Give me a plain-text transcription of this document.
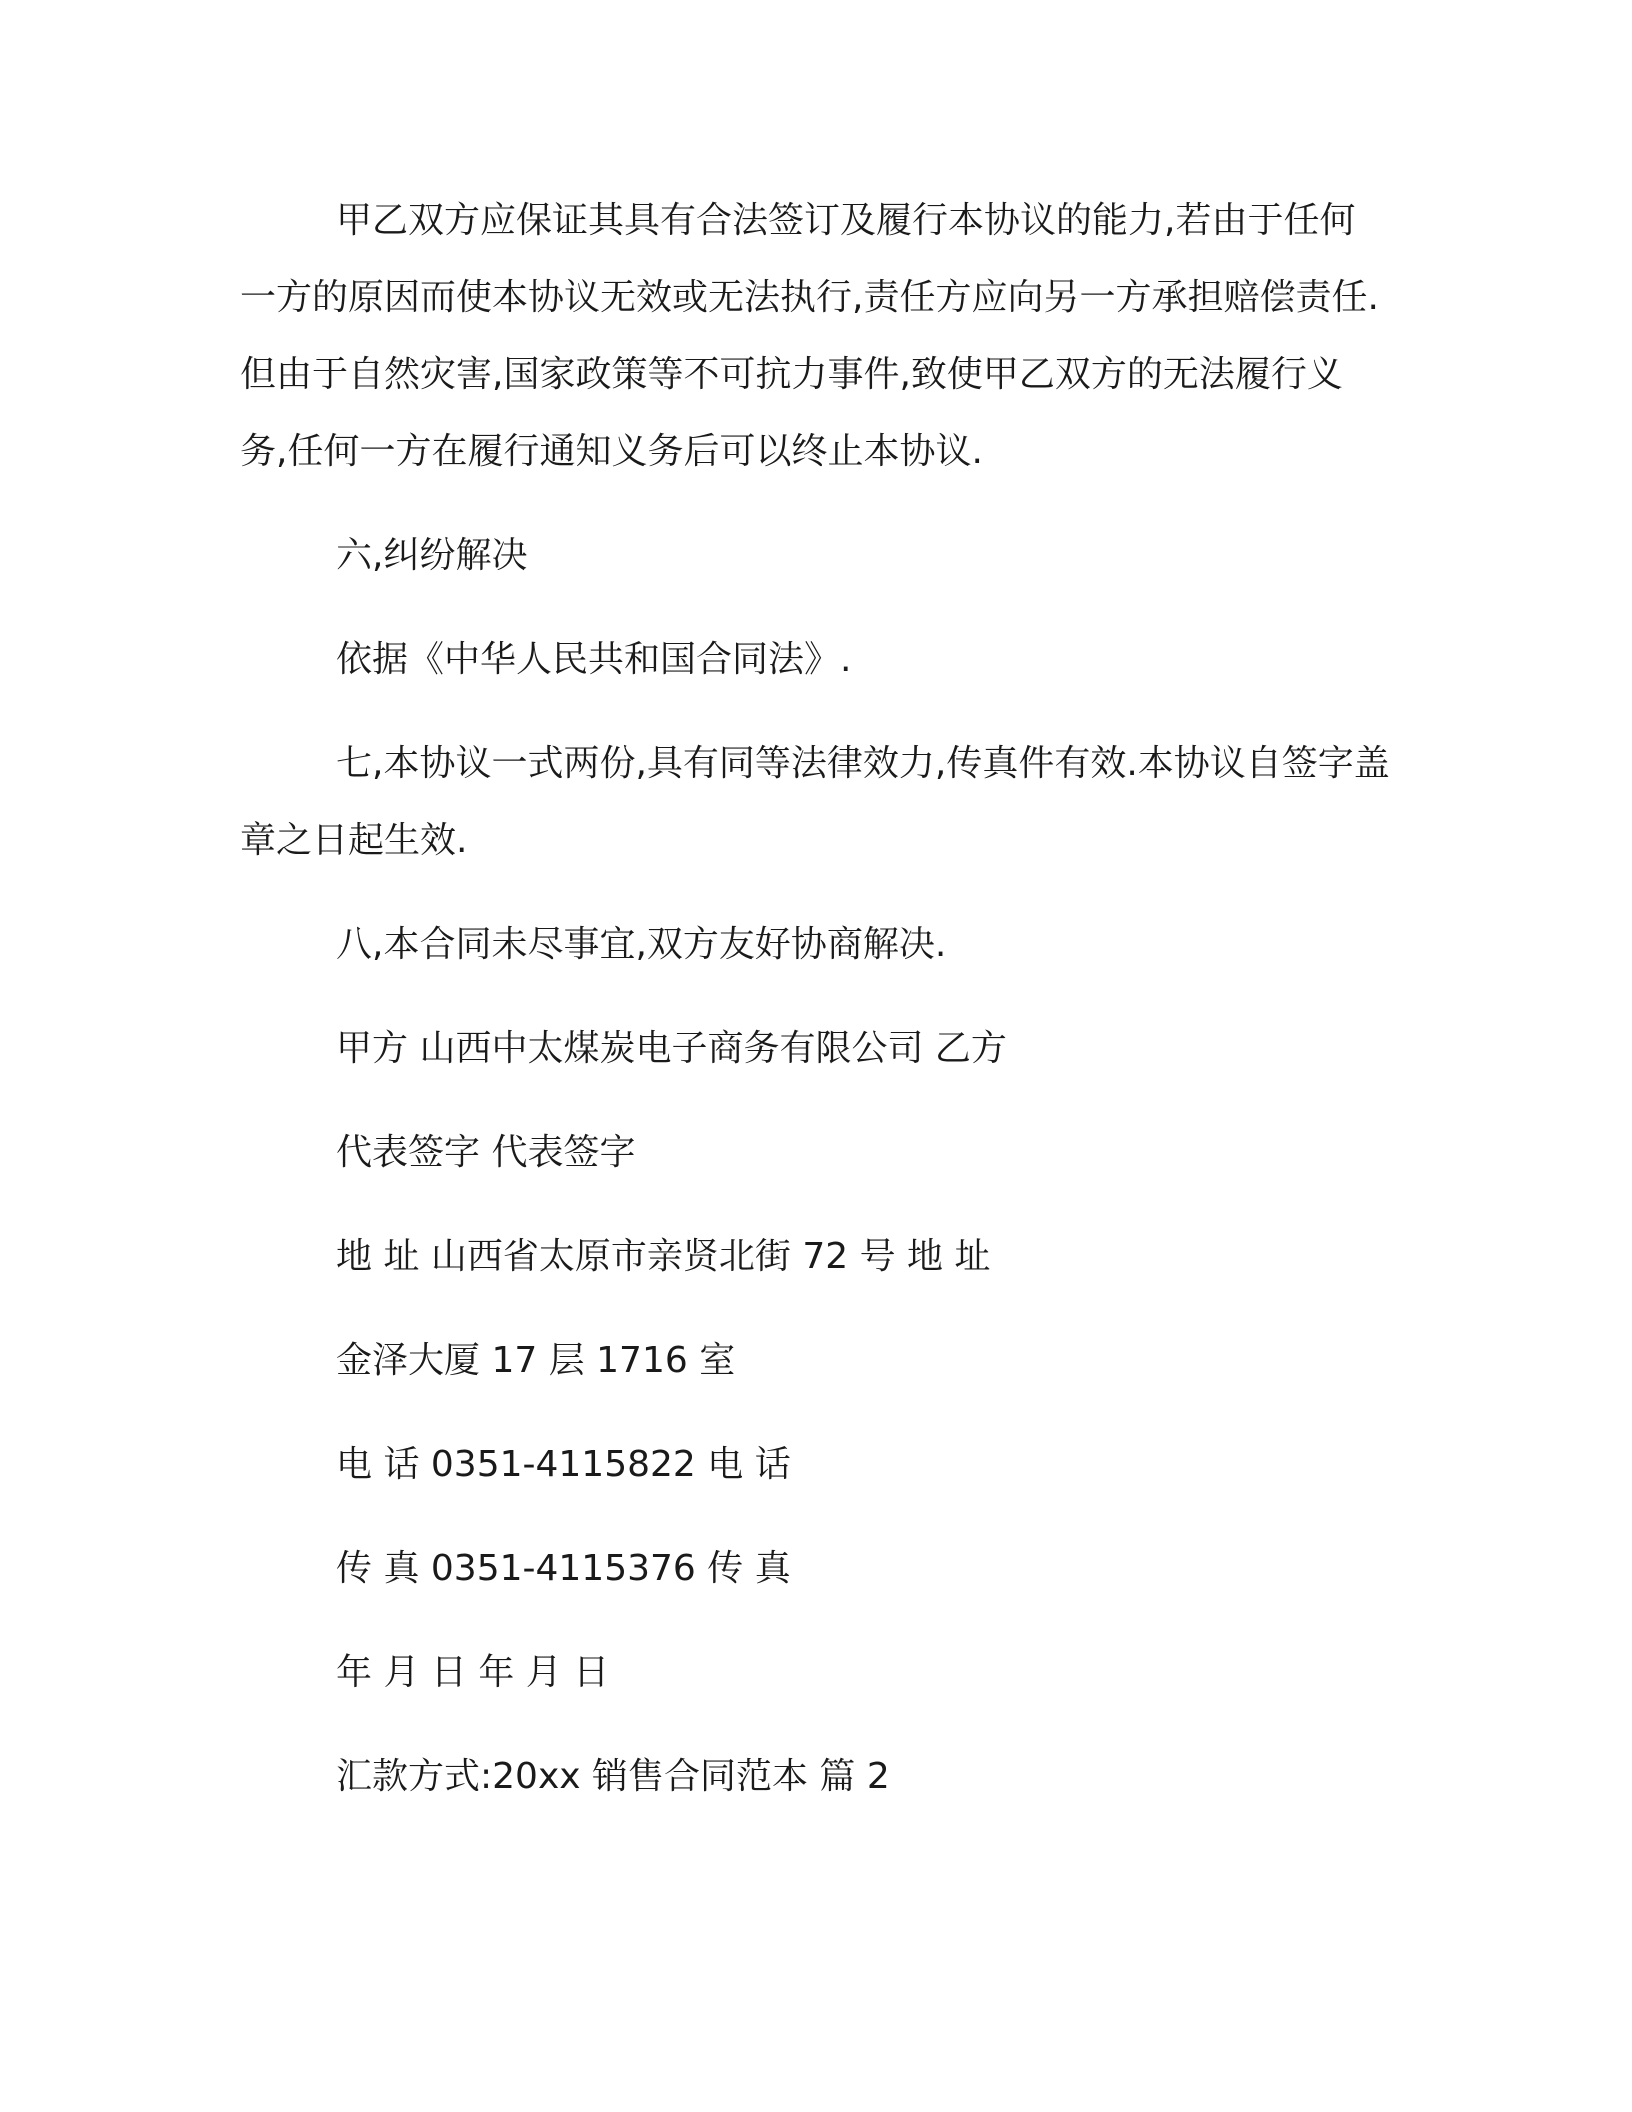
甲乙双方应保证其具有合法签订及履行本协议的能力,若由于任何一方的原因而使本协议无效或无法执行,责任方应向另一方承担赔偿责任.但由于自然灾害,国家政策等不可抗力事件,致使甲乙双方的无法履行义务,任何一方在履行通知义务后可以终止本协议.

六,纠纷解决

依据《中华人民共和国合同法》.

七,本协议一式两份,具有同等法律效力,传真件有效.本协议自签字盖章之日起生效.

八,本合同未尽事宜,双方友好协商解决.

甲方 山西中太煤炭电子商务有限公司 乙方

代表签字 代表签字

地 址 山西省太原市亲贤北街 72 号 地 址

金泽大厦 17 层 1716 室

电 话 0351-4115822 电 话

传 真 0351-4115376 传 真

年 月 日 年 月 日

汇款方式:20xx 销售合同范本 篇 2
